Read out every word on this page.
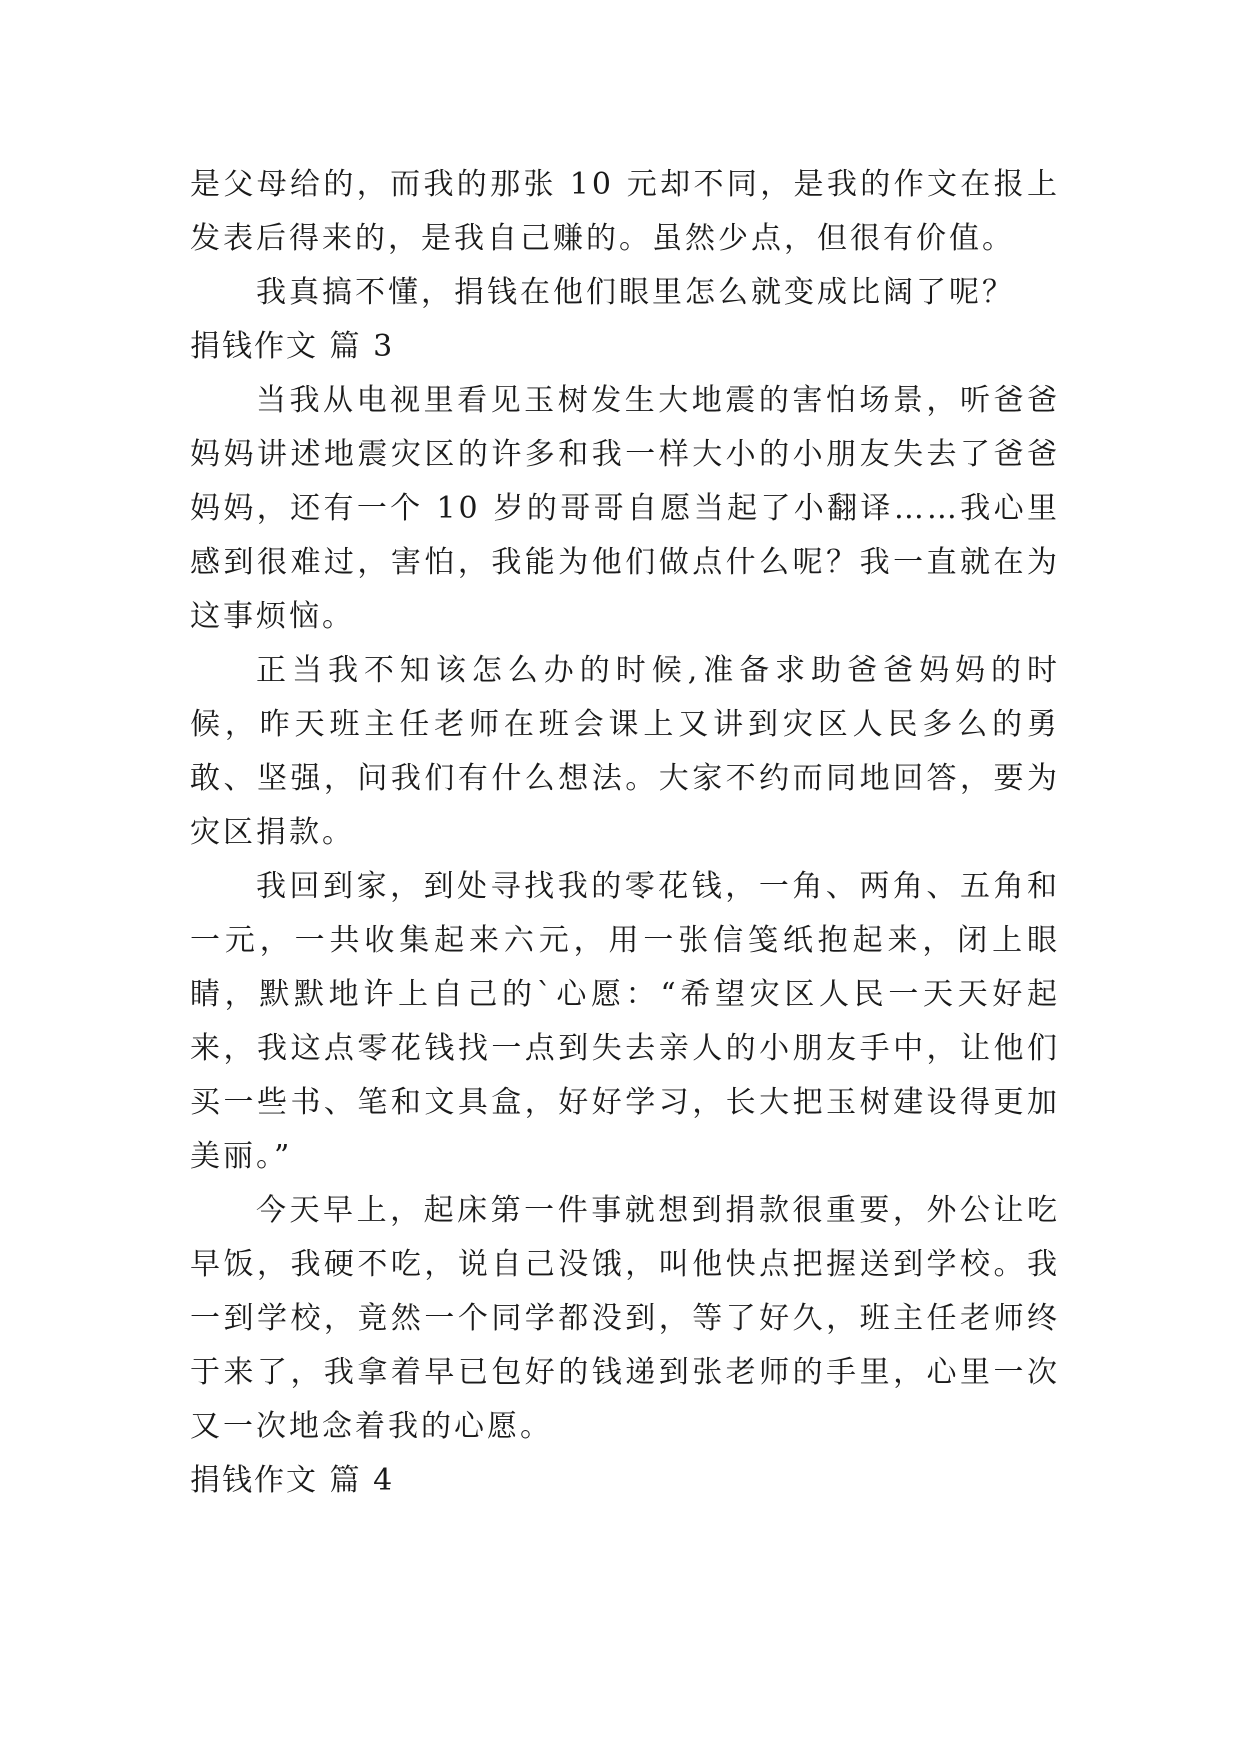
是父母给的，而我的那张 10 元却不同，是我的作文在报上发表后得来的，是我自己赚的。虽然少点，但很有价值。

我真搞不懂，捐钱在他们眼里怎么就变成比阔了呢？

捐钱作文 篇 3

当我从电视里看见玉树发生大地震的害怕场景，听爸爸妈妈讲述地震灾区的许多和我一样大小的小朋友失去了爸爸妈妈，还有一个 10 岁的哥哥自愿当起了小翻译……我心里感到很难过，害怕，我能为他们做点什么呢？我一直就在为这事烦恼。

正当我不知该怎么办的时候,准备求助爸爸妈妈的时候，昨天班主任老师在班会课上又讲到灾区人民多么的勇敢、坚强，问我们有什么想法。大家不约而同地回答，要为灾区捐款。

我回到家，到处寻找我的零花钱，一角、两角、五角和一元，一共收集起来六元，用一张信笺纸抱起来，闭上眼睛，默默地许上自己的`心愿：“希望灾区人民一天天好起来，我这点零花钱找一点到失去亲人的小朋友手中，让他们买一些书、笔和文具盒，好好学习，长大把玉树建设得更加美丽。”

今天早上，起床第一件事就想到捐款很重要，外公让吃早饭，我硬不吃，说自己没饿，叫他快点把握送到学校。我一到学校，竟然一个同学都没到，等了好久，班主任老师终于来了，我拿着早已包好的钱递到张老师的手里，心里一次又一次地念着我的心愿。

捐钱作文 篇 4
